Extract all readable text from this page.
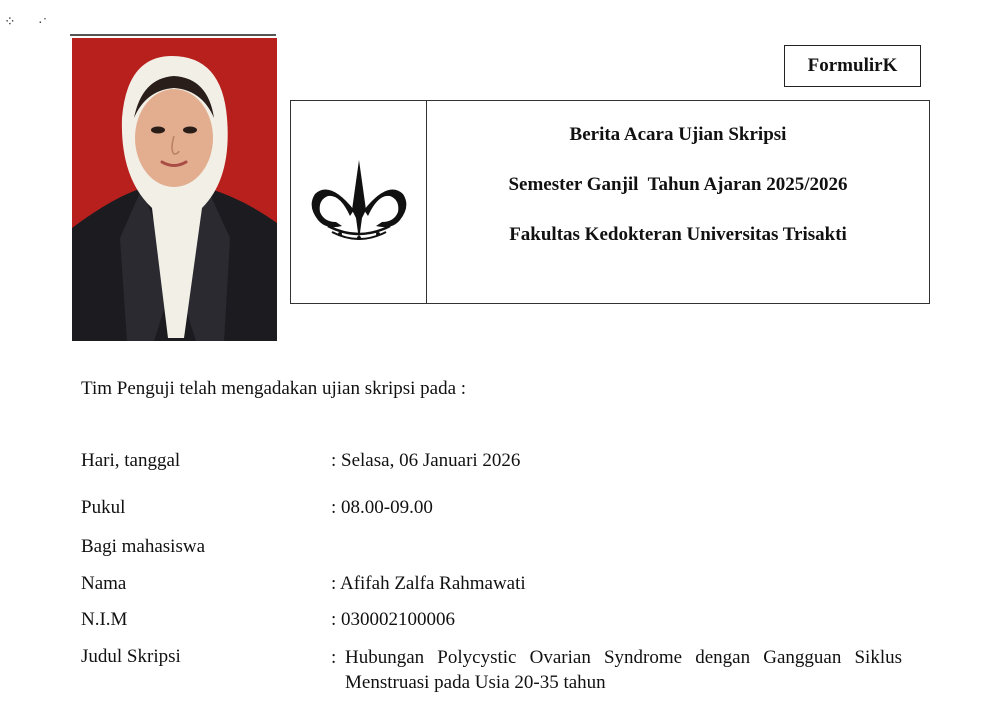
⁘ ·˙
FormulirK
Berita Acara Ujian Skripsi
Semester Ganjil  Tahun Ajaran 2025/2026
Fakultas Kedokteran Universitas Trisakti
Tim Penguji telah mengadakan ujian skripsi pada :
Hari, tanggal	: Selasa, 06 Januari 2026
Pukul	: 08.00-09.00
Bagi mahasiswa
Nama	: Afifah Zalfa Rahmawati
N.I.M	: 030002100006
Judul Skripsi	: Hubungan Polycystic Ovarian Syndrome dengan Gangguan Siklus Menstruasi pada Usia 20-35 tahun
